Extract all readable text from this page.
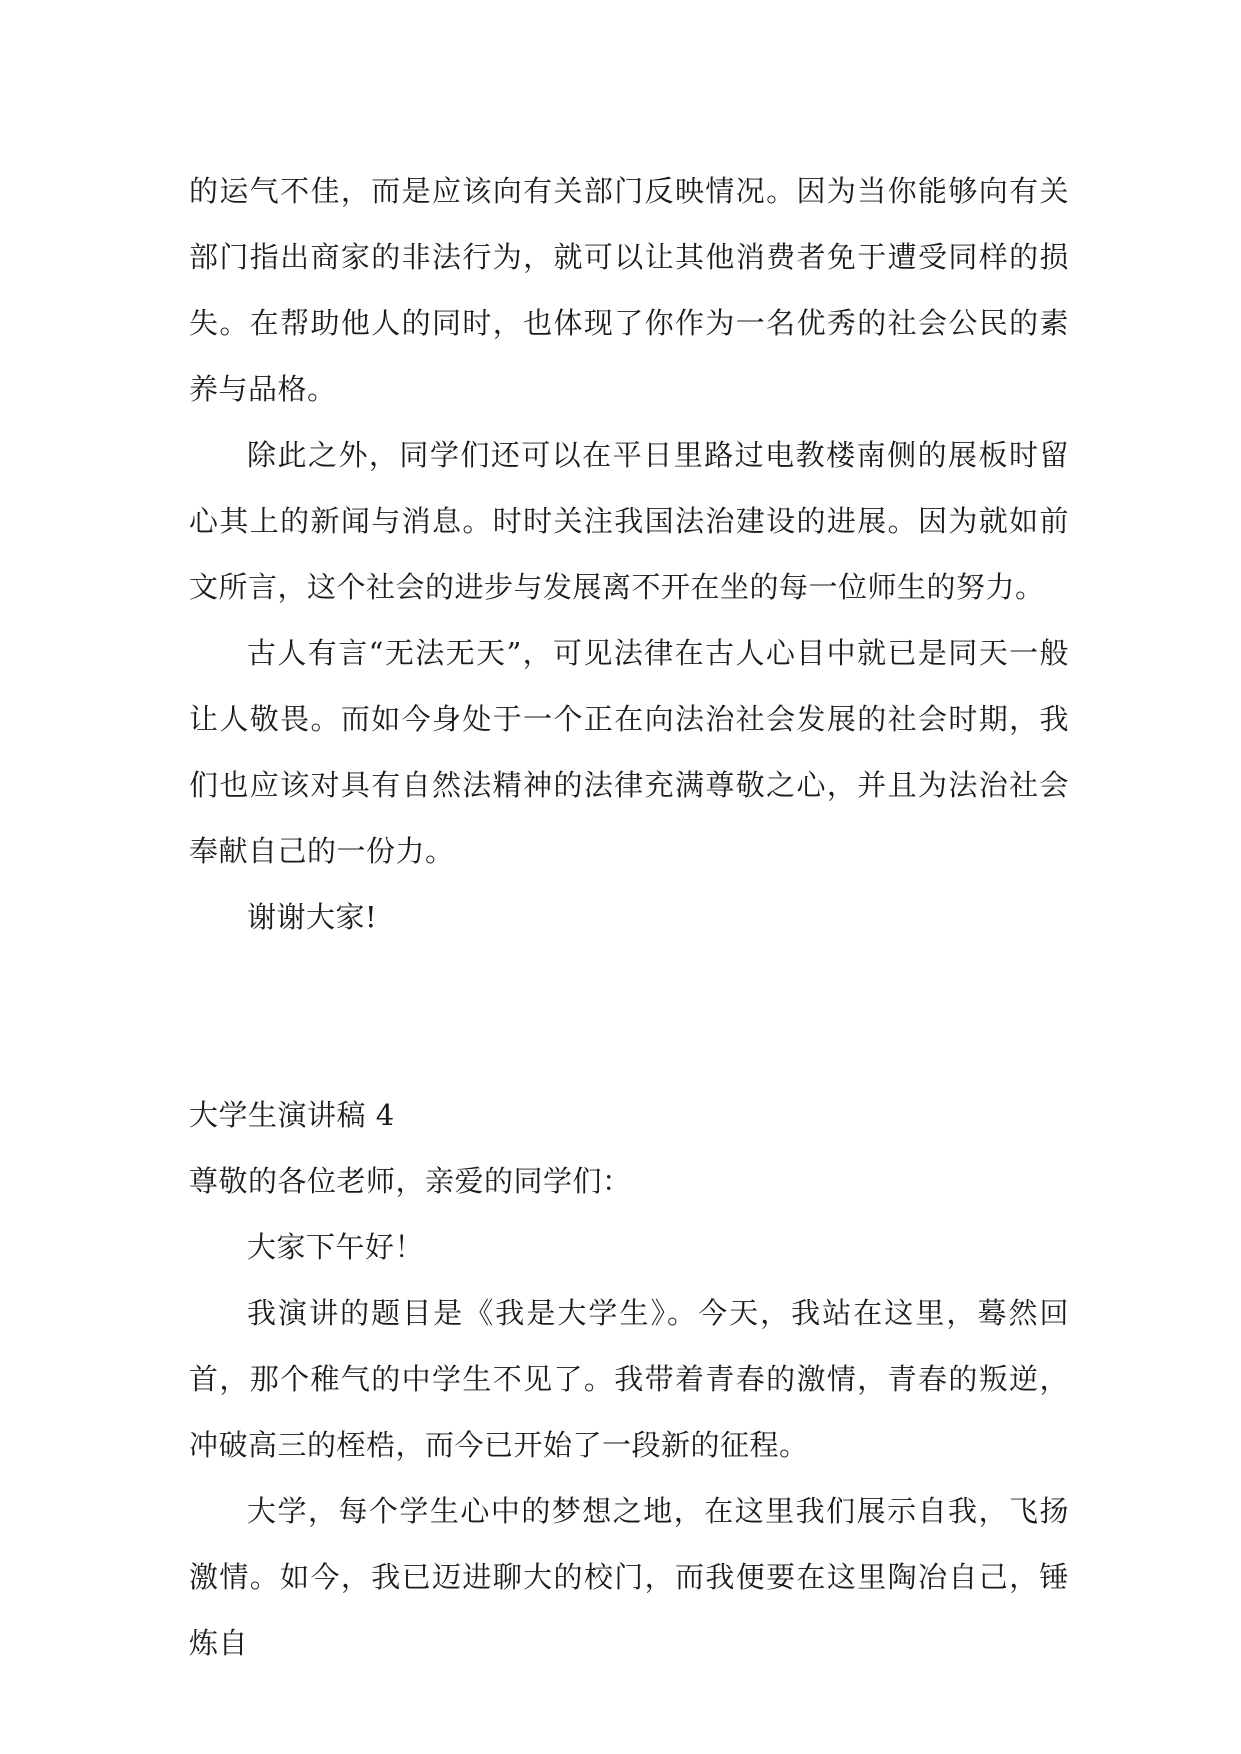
的运气不佳，而是应该向有关部门反映情况。因为当你能够向有关部门指出商家的非法行为，就可以让其他消费者免于遭受同样的损失。在帮助他人的同时，也体现了你作为一名优秀的社会公民的素养与品格。

除此之外，同学们还可以在平日里路过电教楼南侧的展板时留心其上的新闻与消息。时时关注我国法治建设的进展。因为就如前文所言，这个社会的进步与发展离不开在坐的每一位师生的努力。

古人有言“无法无天”，可见法律在古人心目中就已是同天一般让人敬畏。而如今身处于一个正在向法治社会发展的社会时期，我们也应该对具有自然法精神的法律充满尊敬之心，并且为法治社会奉献自己的一份力。

谢谢大家!

大学生演讲稿 4

尊敬的各位老师，亲爱的同学们：

大家下午好！

我演讲的题目是《我是大学生》。今天，我站在这里，蓦然回首，那个稚气的中学生不见了。我带着青春的激情，青春的叛逆，冲破高三的桎梏，而今已开始了一段新的征程。

大学，每个学生心中的梦想之地，在这里我们展示自我，飞扬激情。如今，我已迈进聊大的校门，而我便要在这里陶冶自己，锤炼自
